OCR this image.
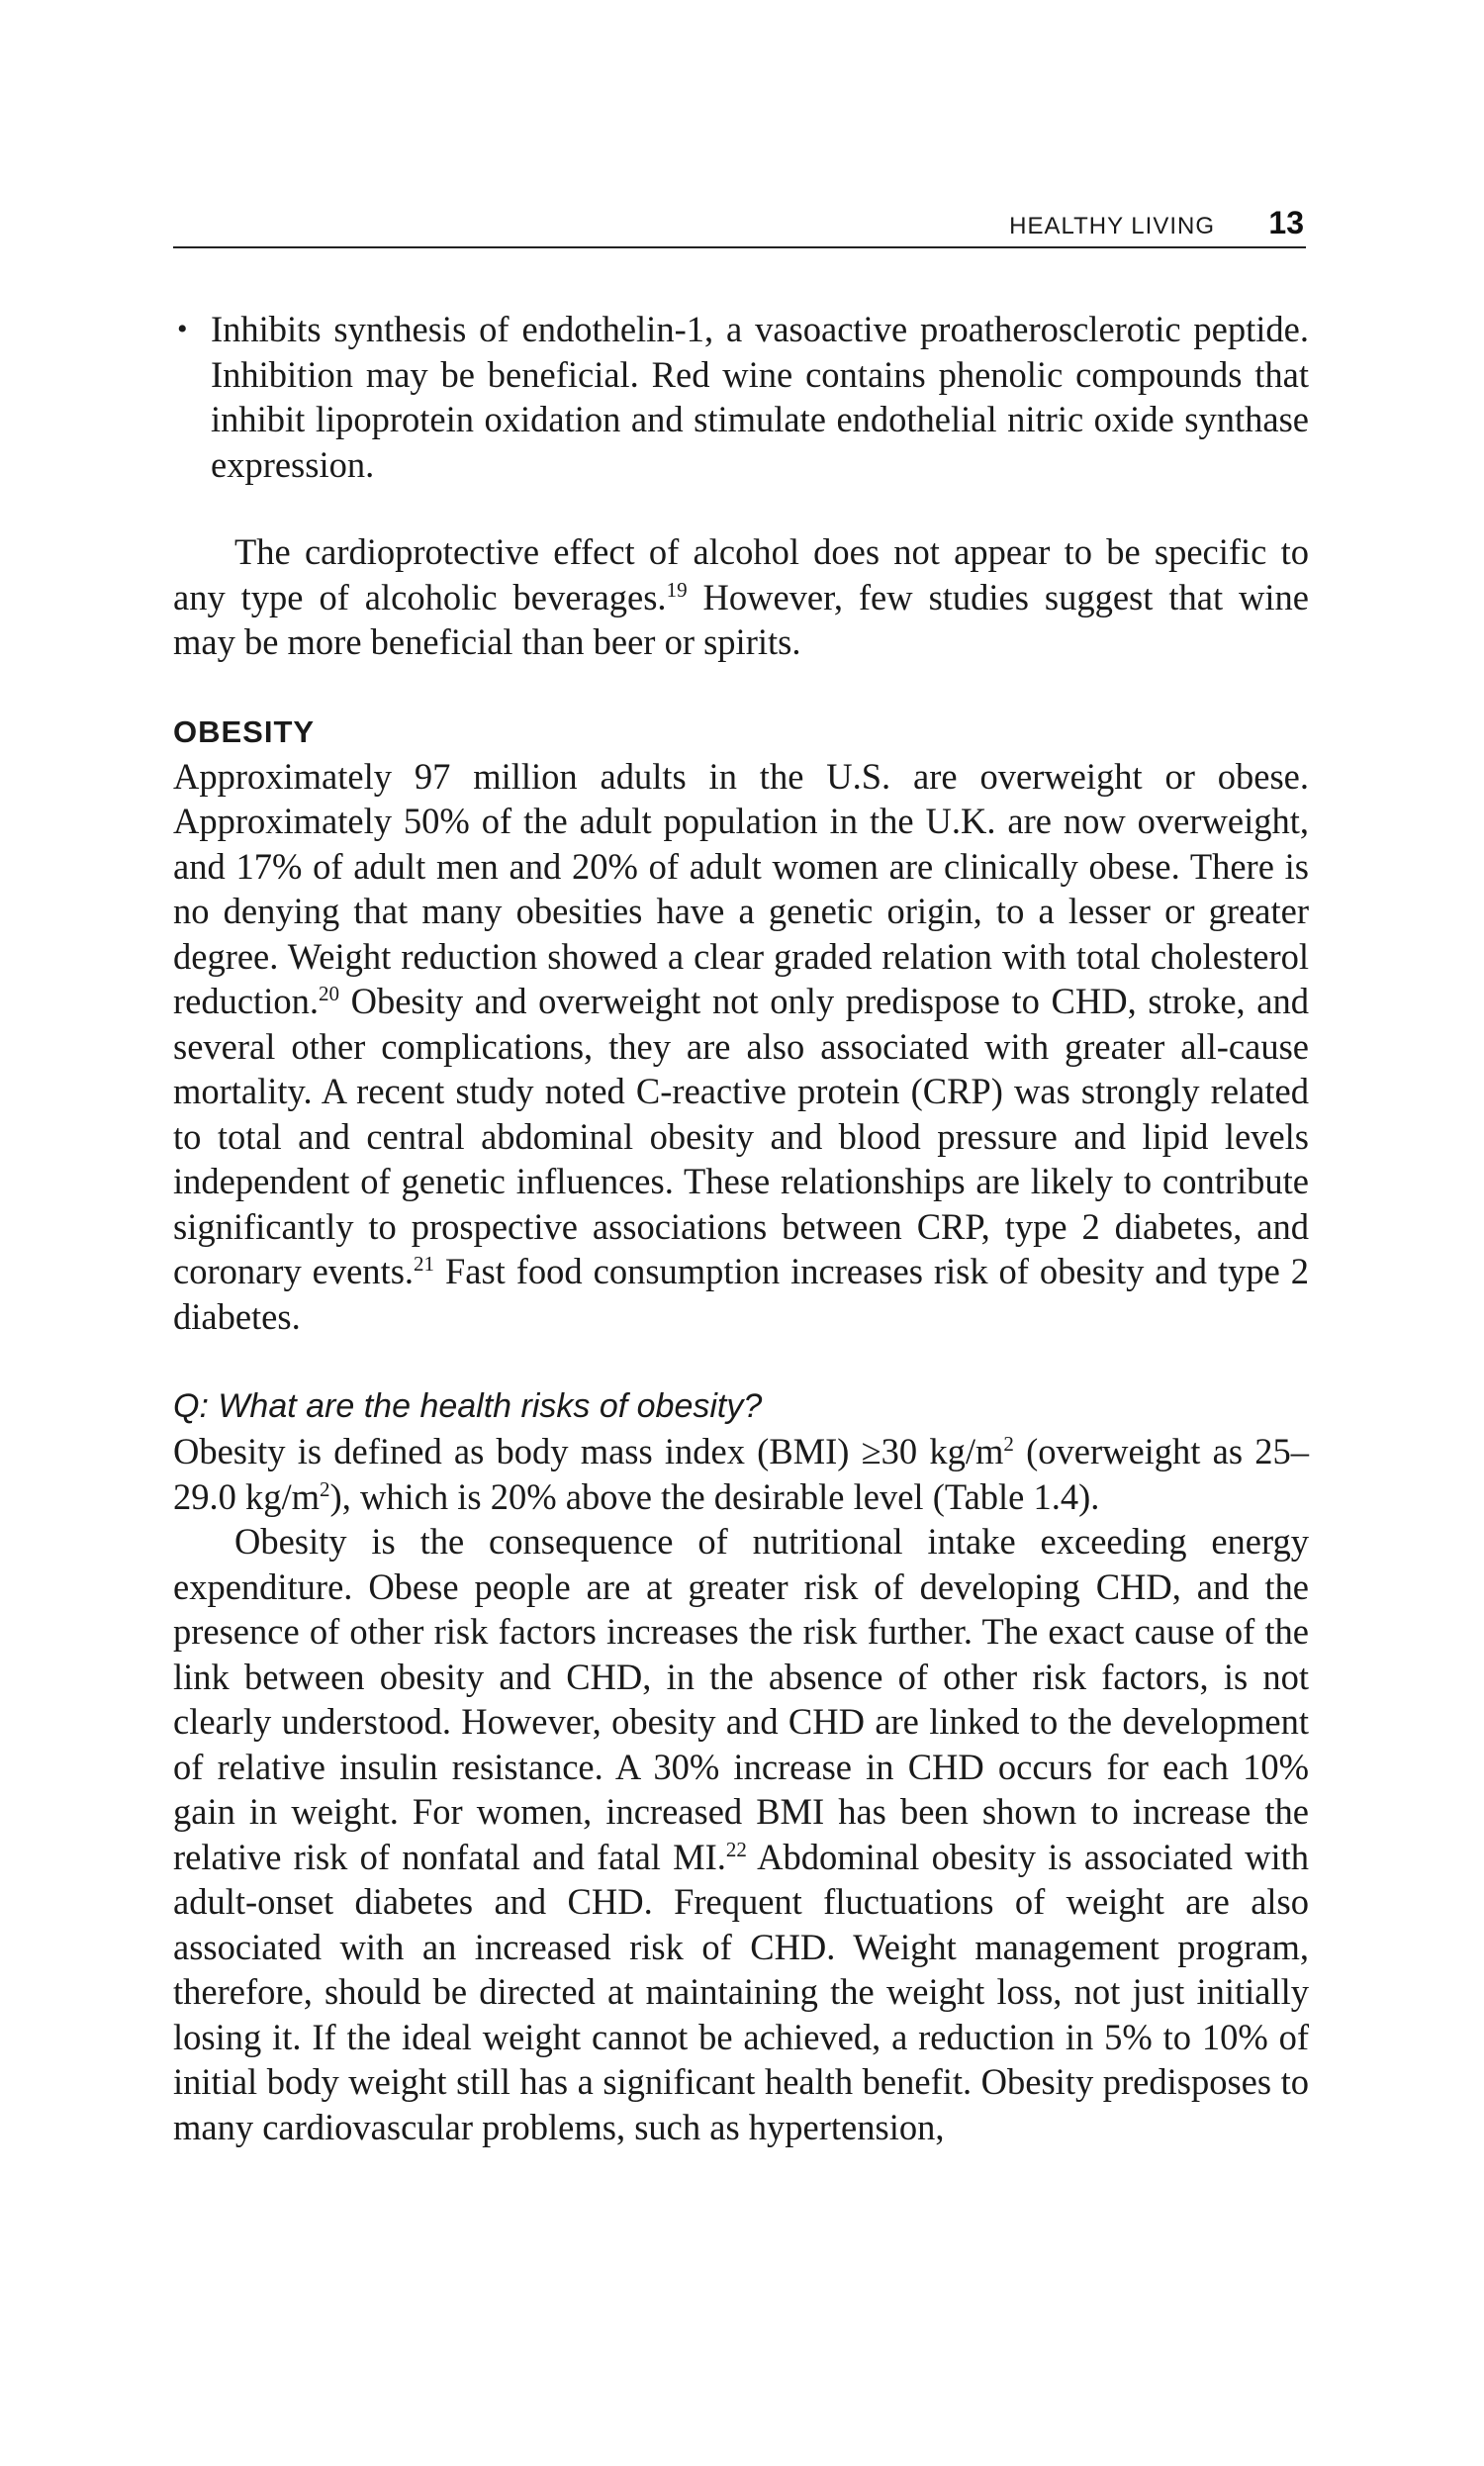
HEALTHY LIVING 13
• Inhibits synthesis of endothelin-1, a vasoactive proatherosclerotic peptide. Inhibition may be beneficial. Red wine contains phenolic compounds that inhibit lipoprotein oxidation and stimulate endothelial nitric oxide synthase expression.

The cardioprotective effect of alcohol does not appear to be specific to any type of alcoholic beverages.$^{19}$ However, few studies suggest that wine may be more beneficial than beer or spirits.

OBESITY

Approximately 97 million adults in the U.S. are overweight or obese. Approximately 50% of the adult population in the U.K. are now overweight, and 17% of adult men and 20% of adult women are clinically obese. There is no denying that many obesities have a genetic origin, to a lesser or greater degree. Weight reduction showed a clear graded relation with total cholesterol reduction.$^{20}$ Obesity and overweight not only predispose to CHD, stroke, and several other complications, they are also associated with greater all-cause mortality. A recent study noted C-reactive protein (CRP) was strongly related to total and central abdominal obesity and blood pressure and lipid levels independent of genetic influences. These relationships are likely to contribute significantly to prospective associations between CRP, type 2 diabetes, and coronary events.$^{21}$ Fast food consumption increases risk of obesity and type 2 diabetes.

Q: What are the health risks of obesity?

Obesity is defined as body mass index (BMI) ≥30 $kg/m^2$ (overweight as 25–29.0 $kg/m^2$), which is 20% above the desirable level (Table 1.4).

Obesity is the consequence of nutritional intake exceeding energy expenditure. Obese people are at greater risk of developing CHD, and the presence of other risk factors increases the risk further. The exact cause of the link between obesity and CHD, in the absence of other risk factors, is not clearly understood. However, obesity and CHD are linked to the development of relative insulin resistance. A 30% increase in CHD occurs for each 10% gain in weight. For women, increased BMI has been shown to increase the relative risk of nonfatal and fatal MI.$^{22}$ Abdominal obesity is associated with adult-onset diabetes and CHD. Frequent fluctuations of weight are also associated with an increased risk of CHD. Weight management program, therefore, should be directed at maintaining the weight loss, not just initially losing it. If the ideal weight cannot be achieved, a reduction in 5% to 10% of initial body weight still has a significant health benefit. Obesity predisposes to many cardiovascular problems, such as hypertension,
